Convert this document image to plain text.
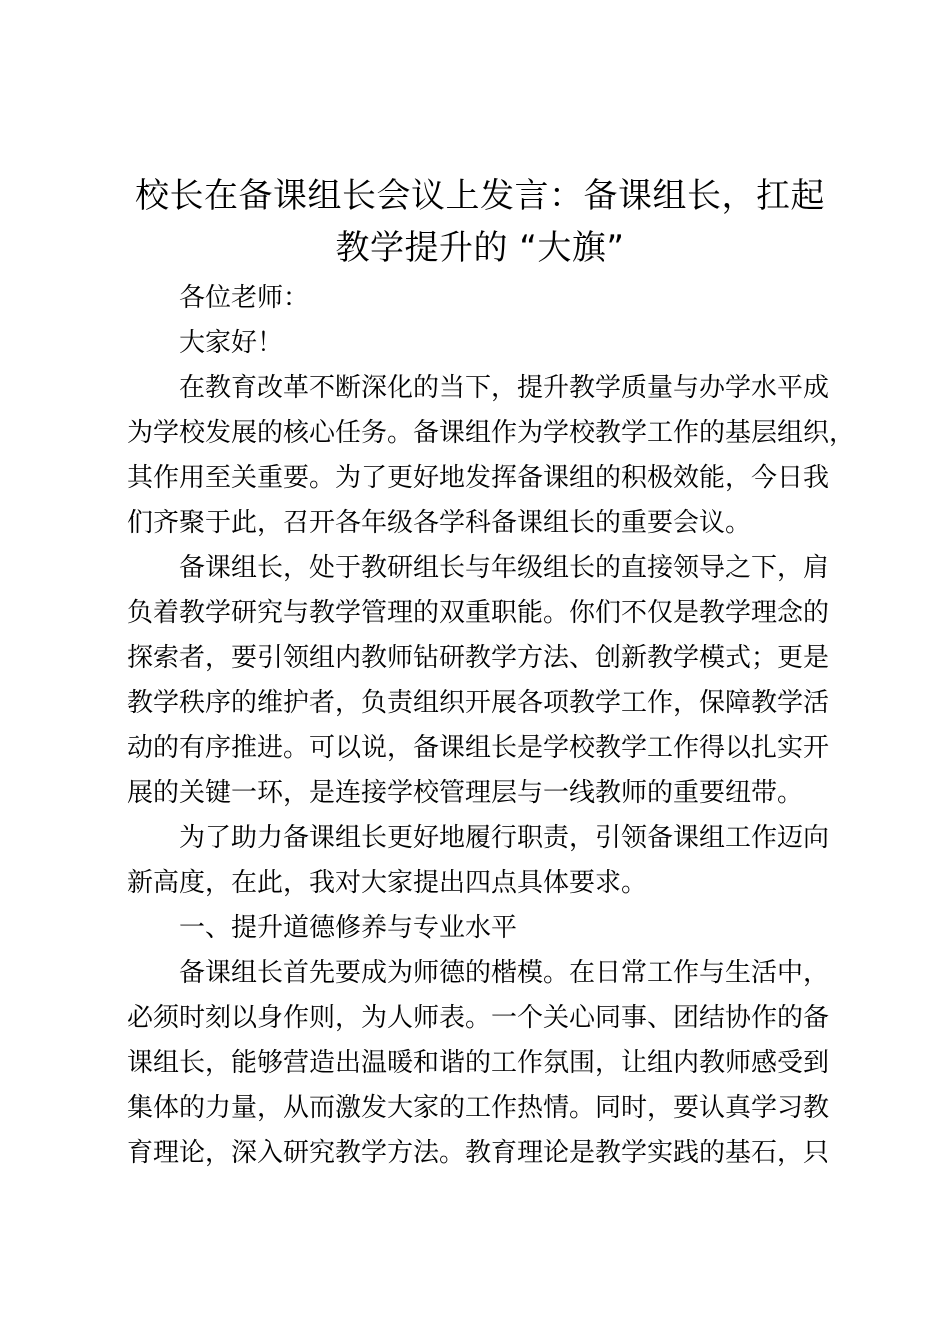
校长在备课组长会议上发言：备课组长，扛起
教学提升的 “大旗”
各位老师：
大家好！
在教育改革不断深化的当下，提升教学质量与办学水平成
为学校发展的核心任务。备课组作为学校教学工作的基层组织，
其作用至关重要。为了更好地发挥备课组的积极效能，今日我
们齐聚于此，召开各年级各学科备课组长的重要会议。
备课组长，处于教研组长与年级组长的直接领导之下，肩
负着教学研究与教学管理的双重职能。你们不仅是教学理念的
探索者，要引领组内教师钻研教学方法、创新教学模式；更是
教学秩序的维护者，负责组织开展各项教学工作，保障教学活
动的有序推进。可以说，备课组长是学校教学工作得以扎实开
展的关键一环，是连接学校管理层与一线教师的重要纽带。
为了助力备课组长更好地履行职责，引领备课组工作迈向
新高度，在此，我对大家提出四点具体要求。
一、提升道德修养与专业水平
备课组长首先要成为师德的楷模。在日常工作与生活中，
必须时刻以身作则，为人师表。一个关心同事、团结协作的备
课组长，能够营造出温暖和谐的工作氛围，让组内教师感受到
集体的力量，从而激发大家的工作热情。同时，要认真学习教
育理论，深入研究教学方法。教育理论是教学实践的基石，只
